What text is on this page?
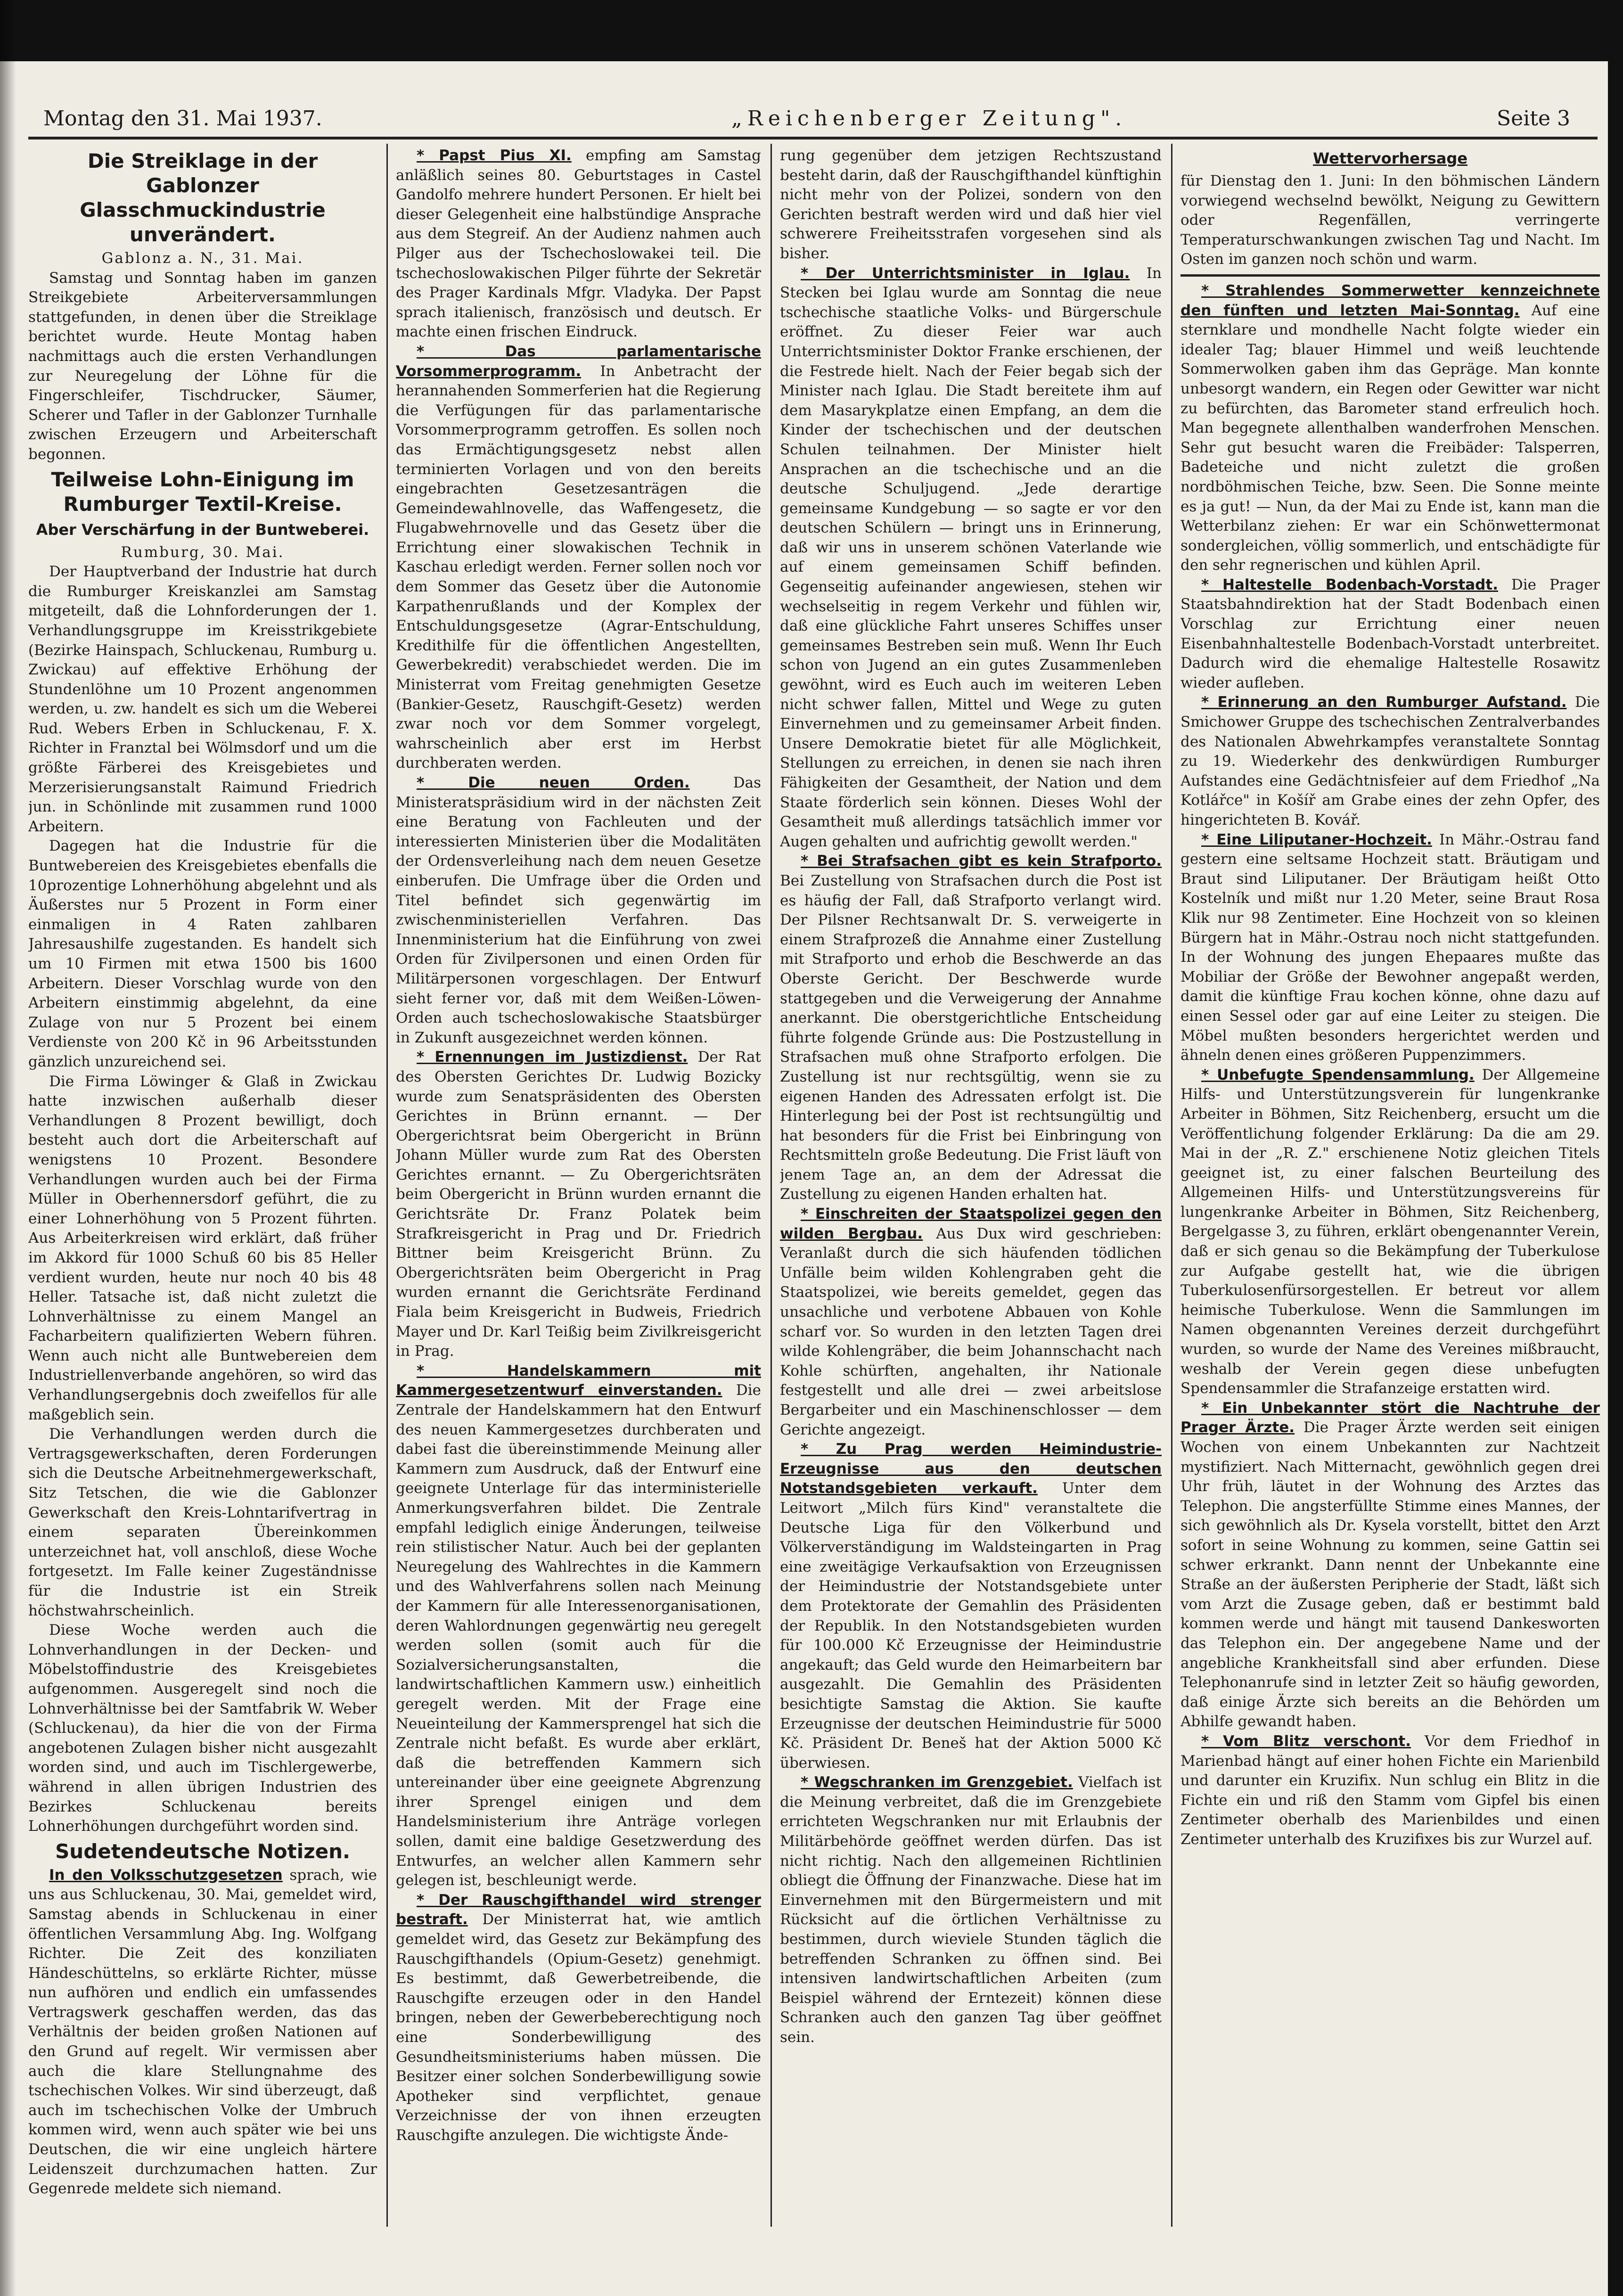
Montag den 31. Mai 1937.	„Reichenberger Zeitung".	Seite 3
Die Streiklage in der Gablonzer Glasschmuckindustrie unverändert.

Gablonz a. N., 31. Mai.

Samstag und Sonntag haben im ganzen Streikgebiete Arbeiterversammlungen stattgefunden, in denen über die Streiklage berichtet wurde. Heute Montag haben nachmittags auch die ersten Verhandlungen zur Neuregelung der Löhne für die Fingerschleifer, Tischdrucker, Säumer, Scherer und Tafler in der Gablonzer Turnhalle zwischen Erzeugern und Arbeiterschaft begonnen.

Teilweise Lohn-Einigung im Rumburger Textil-Kreise.
Aber Verschärfung in der Buntweberei.

Rumburg, 30. Mai.

Der Hauptverband der Industrie hat durch die Rumburger Kreiskanzlei am Samstag mitgeteilt, daß die Lohnforderungen der 1. Verhandlungsgruppe im Kreisstrikgebiete (Bezirke Hainspach, Schluckenau, Rumburg u. Zwickau) auf effektive Erhöhung der Stundenlöhne um 10 Prozent angenommen werden, u. zw. handelt es sich um die Weberei Rud. Webers Erben in Schluckenau, F. X. Richter in Franztal bei Wölmsdorf und um die größte Färberei des Kreisgebietes und Merzerisierungsanstalt Raimund Friedrich jun. in Schönlinde mit zusammen rund 1000 Arbeitern.

Dagegen hat die Industrie für die Buntwebereien des Kreisgebietes ebenfalls die 10prozentige Lohnerhöhung abgelehnt und als Äußerstes nur 5 Prozent in Form einer einmaligen in 4 Raten zahlbaren Jahresaushilfe zugestanden. Es handelt sich um 10 Firmen mit etwa 1500 bis 1600 Arbeitern. Dieser Vorschlag wurde von den Arbeitern einstimmig abgelehnt, da eine Zulage von nur 5 Prozent bei einem Verdienste von 200 Kč in 96 Arbeitsstunden gänzlich unzureichend sei.

Die Firma Löwinger & Glaß in Zwickau hatte inzwischen außerhalb dieser Verhandlungen 8 Prozent bewilligt, doch besteht auch dort die Arbeiterschaft auf wenigstens 10 Prozent. Besondere Verhandlungen wurden auch bei der Firma Müller in Oberhennersdorf geführt, die zu einer Lohnerhöhung von 5 Prozent führten. Aus Arbeiterkreisen wird erklärt, daß früher im Akkord für 1000 Schuß 60 bis 85 Heller verdient wurden, heute nur noch 40 bis 48 Heller. Tatsache ist, daß nicht zuletzt die Lohnverhältnisse zu einem Mangel an Facharbeitern qualifizierten Webern führen. Wenn auch nicht alle Buntwebereien dem Industriellenverbande angehören, so wird das Verhandlungsergebnis doch zweifellos für alle maßgeblich sein.

Die Verhandlungen werden durch die Vertragsgewerkschaften, deren Forderungen sich die Deutsche Arbeitnehmergewerkschaft, Sitz Tetschen, die wie die Gablonzer Gewerkschaft den Kreis-Lohntarifvertrag in einem separaten Übereinkommen unterzeichnet hat, voll anschloß, diese Woche fortgesetzt. Im Falle keiner Zugeständnisse für die Industrie ist ein Streik höchstwahrscheinlich.

Diese Woche werden auch die Lohnverhandlungen in der Decken- und Möbelstoffindustrie des Kreisgebietes aufgenommen. Ausgeregelt sind noch die Lohnverhältnisse bei der Samtfabrik W. Weber (Schluckenau), da hier die von der Firma angebotenen Zulagen bisher nicht ausgezahlt worden sind, und auch im Tischlergewerbe, während in allen übrigen Industrien des Bezirkes Schluckenau bereits Lohnerhöhungen durchgeführt worden sind.

Sudetendeutsche Notizen.

In den Volksschutzgesetzen sprach, wie uns aus Schluckenau, 30. Mai, gemeldet wird, Samstag abends in Schluckenau in einer öffentlichen Versammlung Abg. Ing. Wolfgang Richter. Die Zeit des konziliaten Händeschüttelns, so erklärte Richter, müsse nun aufhören und endlich ein umfassendes Vertragswerk geschaffen werden, das das Verhältnis der beiden großen Nationen auf den Grund auf regelt. Wir vermissen aber auch die klare Stellungnahme des tschechischen Volkes. Wir sind überzeugt, daß auch im tschechischen Volke der Umbruch kommen wird, wenn auch später wie bei uns Deutschen, die wir eine ungleich härtere Leidenszeit durchzumachen hatten. Zur Gegenrede meldete sich niemand.

* Papst Pius XI. empfing am Samstag anläßlich seines 80. Geburtstages in Castel Gandolfo mehrere hundert Personen. Er hielt bei dieser Gelegenheit eine halbstündige Ansprache aus dem Stegreif. An der Audienz nahmen auch Pilger aus der Tschechoslowakei teil. Die tschechoslowakischen Pilger führte der Sekretär des Prager Kardinals Mfgr. Vladyka. Der Papst sprach italienisch, französisch und deutsch. Er machte einen frischen Eindruck.

* Das parlamentarische Vorsommerprogramm. In Anbetracht der herannahenden Sommerferien hat die Regierung die Verfügungen für das parlamentarische Vorsommerprogramm getroffen. Es sollen noch das Ermächtigungsgesetz nebst allen terminierten Vorlagen und von den bereits eingebrachten Gesetzesanträgen die Gemeindewahlnovelle, das Waffengesetz, die Flugabwehrnovelle und das Gesetz über die Errichtung einer slowakischen Technik in Kaschau erledigt werden. Ferner sollen noch vor dem Sommer das Gesetz über die Autonomie Karpathenrußlands und der Komplex der Entschuldungsgesetze (Agrar-Entschuldung, Kredithilfe für die öffentlichen Angestellten, Gewerbekredit) verabschiedet werden. Die im Ministerrat vom Freitag genehmigten Gesetze (Bankier-Gesetz, Rauschgift-Gesetz) werden zwar noch vor dem Sommer vorgelegt, wahrscheinlich aber erst im Herbst durchberaten werden.

* Die neuen Orden.	Das Ministeratspräsidium wird in der nächsten Zeit eine Beratung von Fachleuten und der interessierten Ministerien über die Modalitäten der Ordensverleihung nach dem neuen Gesetze einberufen. Die Umfrage über die Orden und Titel befindet sich gegenwärtig im zwischenministeriellen Verfahren. Das Innenministerium hat die Einführung von zwei Orden für Zivilpersonen und einen Orden für Militärpersonen vorgeschlagen. Der Entwurf sieht ferner vor, daß mit dem Weißen-Löwen-Orden auch tschechoslowakische Staatsbürger in Zukunft ausgezeichnet werden können.

* Ernennungen im Justizdienst. Der Rat des Obersten Gerichtes Dr. Ludwig Bozicky wurde zum Senatspräsidenten des Obersten Gerichtes in Brünn ernannt. — Der Obergerichtsrat beim Obergericht in Brünn Johann Müller wurde zum Rat des Obersten Gerichtes ernannt. — Zu Obergerichtsräten beim Obergericht in Brünn wurden ernannt die Gerichtsräte Dr. Franz Polatek beim Strafkreisgericht in Prag und Dr. Friedrich Bittner beim Kreisgericht Brünn. Zu Obergerichtsräten beim Obergericht in Prag wurden ernannt die Gerichtsräte Ferdinand Fiala beim Kreisgericht in Budweis, Friedrich Mayer und Dr. Karl Teißig beim Zivilkreisgericht in Prag.

* Handelskammern mit Kammergesetzentwurf einverstanden. Die Zentrale der Handelskammern hat den Entwurf des neuen Kammergesetzes durchberaten und dabei fast die übereinstimmende Meinung aller Kammern zum Ausdruck, daß der Entwurf eine geeignete Unterlage für das interministerielle Anmerkungsverfahren bildet. Die Zentrale empfahl lediglich einige Änderungen, teilweise rein stilistischer Natur. Auch bei der geplanten Neuregelung des Wahlrechtes in die Kammern und des Wahlverfahrens sollen nach Meinung der Kammern für alle Interessenorganisationen, deren Wahlordnungen gegenwärtig neu geregelt werden sollen (somit auch für die Sozialversicherungsanstalten, die landwirtschaftlichen Kammern usw.) einheitlich geregelt werden. Mit der Frage eine Neueinteilung der Kammersprengel hat sich die Zentrale nicht befaßt. Es wurde aber erklärt, daß die betreffenden Kammern sich untereinander über eine geeignete Abgrenzung ihrer Sprengel einigen und dem Handelsministerium ihre Anträge vorlegen sollen, damit eine baldige Gesetzwerdung des Entwurfes, an welcher allen Kammern sehr gelegen ist, beschleunigt werde.

* Der Rauschgifthandel wird strenger bestraft. Der Ministerrat hat, wie amtlich gemeldet wird, das Gesetz zur Bekämpfung des Rauschgifthandels (Opium-Gesetz) genehmigt. Es bestimmt, daß Gewerbetreibende, die Rauschgifte erzeugen oder in den Handel bringen, neben der Gewerbeberechtigung noch eine Sonderbewilligung des Gesundheitsministeriums haben müssen. Die Besitzer einer solchen Sonderbewilligung sowie Apotheker sind verpflichtet, genaue Verzeichnisse der von ihnen erzeugten Rauschgifte anzulegen. Die wichtigste Ände-

rung gegenüber dem jetzigen Rechtszustand besteht darin, daß der Rauschgifthandel künftighin nicht mehr von der Polizei, sondern von den Gerichten bestraft werden wird und daß hier viel schwerere Freiheitsstrafen vorgesehen sind als bisher.

* Der Unterrichtsminister in Iglau. In Stecken bei Iglau wurde am Sonntag die neue tschechische staatliche Volks- und Bürgerschule eröffnet. Zu dieser Feier war auch Unterrichtsminister Doktor Franke erschienen, der die Festrede hielt. Nach der Feier begab sich der Minister nach Iglau. Die Stadt bereitete ihm auf dem Masarykplatze einen Empfang, an dem die Kinder der tschechischen und der deutschen Schulen teilnahmen. Der Minister hielt Ansprachen an die tschechische und an die deutsche Schuljugend. „Jede derartige gemeinsame Kundgebung — so sagte er vor den deutschen Schülern — bringt uns in Erinnerung, daß wir uns in unserem schönen Vaterlande wie auf einem gemeinsamen Schiff befinden. Gegenseitig aufeinander angewiesen, stehen wir wechselseitig in regem Verkehr und fühlen wir, daß eine glückliche Fahrt unseres Schiffes unser gemeinsames Bestreben sein muß. Wenn Ihr Euch schon von Jugend an ein gutes Zusammenleben gewöhnt, wird es Euch auch im weiteren Leben nicht schwer fallen, Mittel und Wege zu guten Einvernehmen und zu gemeinsamer Arbeit finden. Unsere Demokratie bietet für alle Möglichkeit, Stellungen zu erreichen, in denen sie nach ihren Fähigkeiten der Gesamtheit, der Nation und dem Staate förderlich sein können. Dieses Wohl der Gesamtheit muß allerdings tatsächlich immer vor Augen gehalten und aufrichtig gewollt werden."

* Bei Strafsachen gibt es kein Strafporto. Bei Zustellung von Strafsachen durch die Post ist es häufig der Fall, daß Strafporto verlangt wird. Der Pilsner Rechtsanwalt Dr. S. verweigerte in einem Strafprozeß die Annahme einer Zustellung mit Strafporto und erhob die Beschwerde an das Oberste Gericht. Der Beschwerde wurde stattgegeben und die Verweigerung der Annahme anerkannt. Die oberstgerichtliche Entscheidung führte folgende Gründe aus: Die Postzustellung in Strafsachen muß ohne Strafporto erfolgen. Die Zustellung ist nur rechtsgültig, wenn sie zu eigenen Handen des Adressaten erfolgt ist. Die Hinterlegung bei der Post ist rechtsungültig und hat besonders für die Frist bei Einbringung von Rechtsmitteln große Bedeutung. Die Frist läuft von jenem Tage an, an dem der Adressat die Zustellung zu eigenen Handen erhalten hat.

* Einschreiten der Staatspolizei gegen den wilden Bergbau. Aus Dux wird geschrieben: Veranlaßt durch die sich häufenden tödlichen Unfälle beim wilden Kohlengraben geht die Staatspolizei, wie bereits gemeldet, gegen das unsachliche und verbotene Abbauen von Kohle scharf vor. So wurden in den letzten Tagen drei wilde Kohlengräber, die beim Johannschacht nach Kohle schürften, angehalten, ihr Nationale festgestellt und alle drei — zwei arbeitslose Bergarbeiter und ein Maschinenschlosser — dem Gerichte angezeigt.

* Zu Prag werden Heimindustrie-Erzeugnisse aus den deutschen Notstandsgebieten verkauft. Unter dem Leitwort „Milch fürs Kind" veranstaltete die Deutsche Liga für den Völkerbund und Völkerverständigung im Waldsteingarten in Prag eine zweitägige Verkaufsaktion von Erzeugnissen der Heimindustrie der Notstandsgebiete unter dem Protektorate der Gemahlin des Präsidenten der Republik. In den Notstandsgebieten wurden für 100.000 Kč Erzeugnisse der Heimindustrie angekauft; das Geld wurde den Heimarbeitern bar ausgezahlt. Die Gemahlin des Präsidenten besichtigte Samstag die Aktion. Sie kaufte Erzeugnisse der deutschen Heimindustrie für 5000 Kč. Präsident Dr. Beneš hat der Aktion 5000 Kč überwiesen.

* Wegschranken im Grenzgebiet. Vielfach ist die Meinung verbreitet, daß die im Grenzgebiete errichteten Wegschranken nur mit Erlaubnis der Militärbehörde geöffnet werden dürfen. Das ist nicht richtig. Nach den allgemeinen Richtlinien obliegt die Öffnung der Finanzwache. Diese hat im Einvernehmen mit den Bürgermeistern und mit Rücksicht auf die örtlichen Verhältnisse zu bestimmen, durch wieviele Stunden täglich die betreffenden Schranken zu öffnen sind. Bei intensiven landwirtschaftlichen Arbeiten (zum Beispiel während der Erntezeit) können diese Schranken auch den ganzen Tag über geöffnet sein.

Wettervorhersage

für Dienstag den 1. Juni: In den böhmischen Ländern vorwiegend wechselnd bewölkt, Neigung zu Gewittern oder Regenfällen, verringerte Temperaturschwankungen zwischen Tag und Nacht. Im Osten im ganzen noch schön und warm.

* Strahlendes Sommerwetter kennzeichnete den fünften und letzten Mai-Sonntag. Auf eine sternklare und mondhelle Nacht folgte wieder ein idealer Tag; blauer Himmel und weiß leuchtende Sommerwolken gaben ihm das Gepräge. Man konnte unbesorgt wandern, ein Regen oder Gewitter war nicht zu befürchten, das Barometer stand erfreulich hoch. Man begegnete allenthalben wanderfrohen Menschen. Sehr gut besucht waren die Freibäder: Talsperren, Badeteiche und nicht zuletzt die großen nordböhmischen Teiche, bzw. Seen. Die Sonne meinte es ja gut! — Nun, da der Mai zu Ende ist, kann man die Wetterbilanz ziehen: Er war ein Schönwettermonat sondergleichen, völlig sommerlich, und entschädigte für den sehr regnerischen und kühlen April.

* Haltestelle Bodenbach-Vorstadt. Die Prager Staatsbahndirektion hat der Stadt Bodenbach einen Vorschlag zur Errichtung einer neuen Eisenbahnhaltestelle Bodenbach-Vorstadt unterbreitet. Dadurch wird die ehemalige Haltestelle Rosawitz wieder aufleben.

* Erinnerung an den Rumburger Aufstand. Die Smichower Gruppe des tschechischen Zentralverbandes des Nationalen Abwehrkampfes veranstaltete Sonntag zu 19. Wiederkehr des denkwürdigen Rumburger Aufstandes eine Gedächtnisfeier auf dem Friedhof „Na Kotlářce" in Košíř am Grabe eines der zehn Opfer, des hingerichteten B. Kovář.

* Eine Liliputaner-Hochzeit. In Mähr.-Ostrau fand gestern eine seltsame Hochzeit statt. Bräutigam und Braut sind Liliputaner. Der Bräutigam heißt Otto Kostelník und mißt nur 1.20 Meter, seine Braut Rosa Klik nur 98 Zentimeter. Eine Hochzeit von so kleinen Bürgern hat in Mähr.-Ostrau noch nicht stattgefunden. In der Wohnung des jungen Ehepaares mußte das Mobiliar der Größe der Bewohner angepaßt werden, damit die künftige Frau kochen könne, ohne dazu auf einen Sessel oder gar auf eine Leiter zu steigen. Die Möbel mußten besonders hergerichtet werden und ähneln denen eines größeren Puppenzimmers.

* Unbefugte Spendensammlung. Der Allgemeine Hilfs- und Unterstützungsverein für lungenkranke Arbeiter in Böhmen, Sitz Reichenberg, ersucht um die Veröffentlichung folgender Erklärung: Da die am 29. Mai in der „R. Z." erschienene Notiz gleichen Titels geeignet ist, zu einer falschen Beurteilung des Allgemeinen Hilfs- und Unterstützungsvereins für lungenkranke Arbeiter in Böhmen, Sitz Reichenberg, Bergelgasse 3, zu führen, erklärt obengenannter Verein, daß er sich genau so die Bekämpfung der Tuberkulose zur Aufgabe gestellt hat, wie die übrigen Tuberkulosenfürsorgestellen. Er betreut vor allem heimische Tuberkulose. Wenn die Sammlungen im Namen obgenannten Vereines derzeit durchgeführt wurden, so wurde der Name des Vereines mißbraucht, weshalb der Verein gegen diese unbefugten Spendensammler die Strafanzeige erstatten wird.

* Ein Unbekannter stört die Nachtruhe der Prager Ärzte. Die Prager Ärzte werden seit einigen Wochen von einem Unbekannten zur Nachtzeit mystifiziert. Nach Mitternacht, gewöhnlich gegen drei Uhr früh, läutet in der Wohnung des Arztes das Telephon. Die angsterfüllte Stimme eines Mannes, der sich gewöhnlich als Dr. Kysela vorstellt, bittet den Arzt sofort in seine Wohnung zu kommen, seine Gattin sei schwer erkrankt. Dann nennt der Unbekannte eine Straße an der äußersten Peripherie der Stadt, läßt sich vom Arzt die Zusage geben, daß er bestimmt bald kommen werde und hängt mit tausend Dankesworten das Telephon ein. Der angegebene Name und der angebliche Krankheitsfall sind aber erfunden. Diese Telephonanrufe sind in letzter Zeit so häufig geworden, daß einige Ärzte sich bereits an die Behörden um Abhilfe gewandt haben.

* Vom Blitz verschont. Vor dem Friedhof in Marienbad hängt auf einer hohen Fichte ein Marienbild und darunter ein Kruzifix. Nun schlug ein Blitz in die Fichte ein und riß den Stamm vom Gipfel bis einen Zentimeter oberhalb des Marienbildes und einen Zentimeter unterhalb des Kruzifixes bis zur Wurzel auf.
